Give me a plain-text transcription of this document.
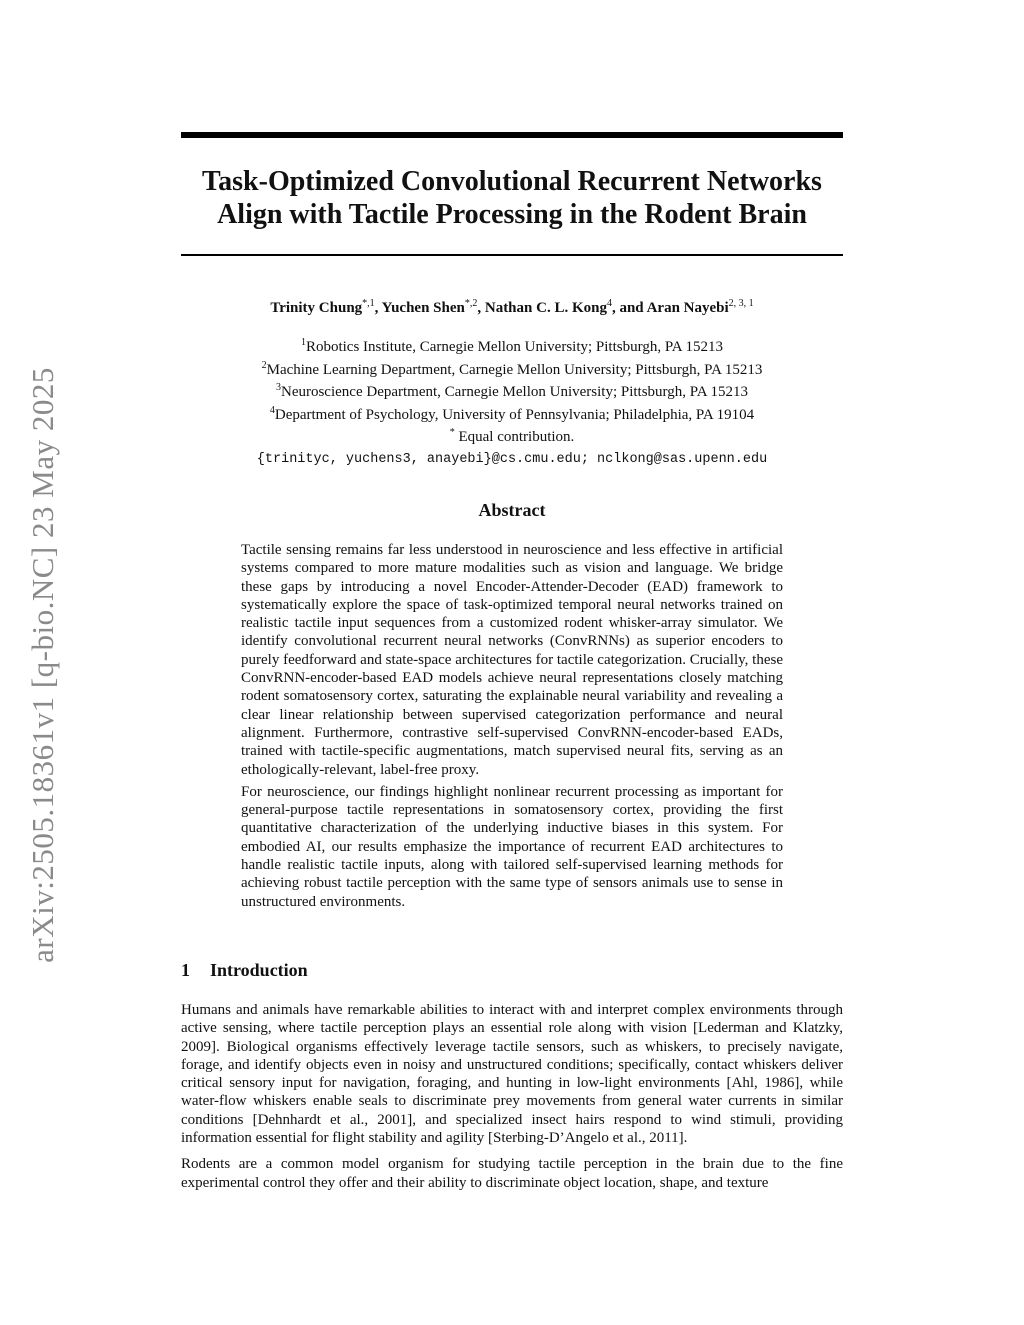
arXiv:2505.18361v1 [q-bio.NC] 23 May 2025
Task-Optimized Convolutional Recurrent Networks
Align with Tactile Processing in the Rodent Brain
Trinity Chung$^{*,1}$, Yuchen Shen$^{*,2}$, Nathan C. L. Kong$^4$, and Aran Nayebi$^{2, 3, 1}$
$^1$Robotics Institute, Carnegie Mellon University; Pittsburgh, PA 15213
$^2$Machine Learning Department, Carnegie Mellon University; Pittsburgh, PA 15213
$^3$Neuroscience Department, Carnegie Mellon University; Pittsburgh, PA 15213
$^4$Department of Psychology, University of Pennsylvania; Philadelphia, PA 19104
* Equal contribution.
{trinityc, yuchens3, anayebi}@cs.cmu.edu; nclkong@sas.upenn.edu
Abstract

Tactile sensing remains far less understood in neuroscience and less effective in artificial systems compared to more mature modalities such as vision and language. We bridge these gaps by introducing a novel Encoder-Attender-Decoder (EAD) framework to systematically explore the space of task-optimized temporal neural networks trained on realistic tactile input sequences from a customized rodent whisker-array simulator. We identify convolutional recurrent neural networks (ConvRNNs) as superior encoders to purely feedforward and state-space architectures for tactile categorization. Crucially, these ConvRNN-encoder-based EAD models achieve neural representations closely matching rodent somatosensory cortex, saturating the explainable neural variability and revealing a clear linear relationship between supervised categorization performance and neural alignment. Furthermore, contrastive self-supervised ConvRNN-encoder-based EADs, trained with tactile-specific augmentations, match supervised neural fits, serving as an ethologically-relevant, label-free proxy.

For neuroscience, our findings highlight nonlinear recurrent processing as important for general-purpose tactile representations in somatosensory cortex, providing the first quantitative characterization of the underlying inductive biases in this system. For embodied AI, our results emphasize the importance of recurrent EAD architectures to handle realistic tactile inputs, along with tailored self-supervised learning methods for achieving robust tactile perception with the same type of sensors animals use to sense in unstructured environments.

1 Introduction

Humans and animals have remarkable abilities to interact with and interpret complex environments through active sensing, where tactile perception plays an essential role along with vision [Lederman and Klatzky, 2009]. Biological organisms effectively leverage tactile sensors, such as whiskers, to precisely navigate, forage, and identify objects even in noisy and unstructured conditions; specifically, contact whiskers deliver critical sensory input for navigation, foraging, and hunting in low-light environments [Ahl, 1986], while water-flow whiskers enable seals to discriminate prey movements from general water currents in similar conditions [Dehnhardt et al., 2001], and specialized insect hairs respond to wind stimuli, providing information essential for flight stability and agility [Sterbing-D’Angelo et al., 2011].

Rodents are a common model organism for studying tactile perception in the brain due to the fine experimental control they offer and their ability to discriminate object location, shape, and texture
